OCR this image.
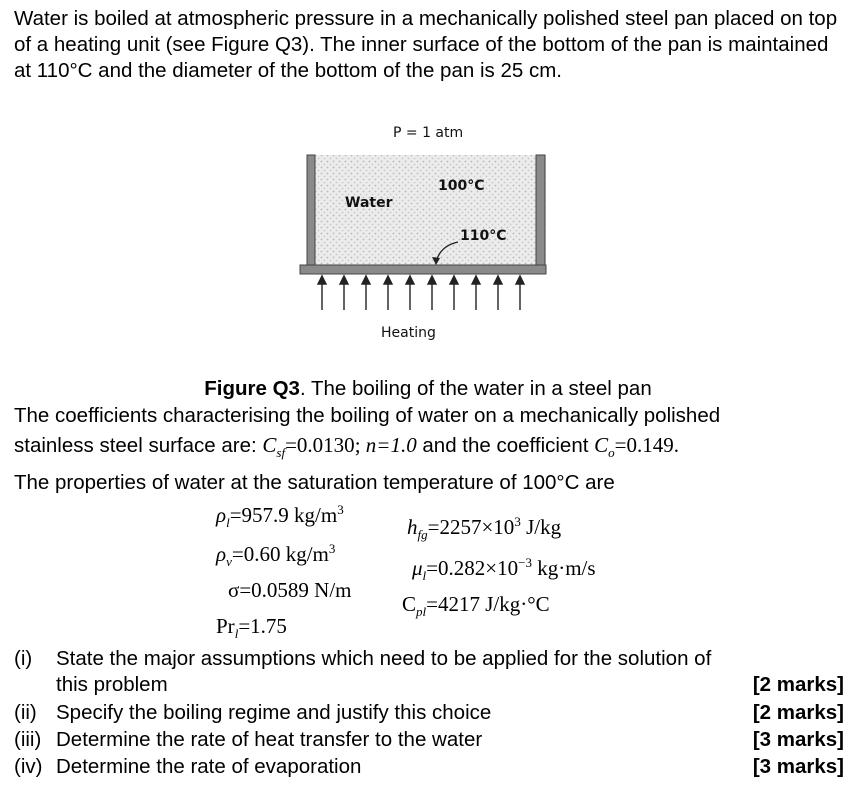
Water is boiled at atmospheric pressure in a mechanically polished steel pan placed on top of a heating unit (see Figure Q3). The inner surface of the bottom of the pan is maintained at 110°C and the diameter of the bottom of the pan is 25 cm.

P = 1 atm
Water
100°C
110°C
Heating
Figure Q3. The boiling of the water in a steel pan

The coefficients characterising the boiling of water on a mechanically polished

stainless steel surface are: $C_{sf}=0.0130$; n=1.0 and the coefficient $C_o=0.149$.

The properties of water at the saturation temperature of 100°C are

$\rho_l=957.9$ $kg/m^3$
$\rho_v=0.60$ $kg/m^3$
σ=0.0589 N/m
$Pr_l=1.75$
$h_{fg}=2257\times 10^3$ J/kg
$\mu_l=0.282\times 10^{-3}$ kg·m/s
$C_{pl}=4217$ J/kg·°C
(i) State the major assumptions which need to be applied for the solution of
this problem	[2 marks]
(ii) Specify the boiling regime and justify this choice	[2 marks]
(iii) Determine the rate of heat transfer to the water	[3 marks]
(iv) Determine the rate of evaporation	[3 marks]
